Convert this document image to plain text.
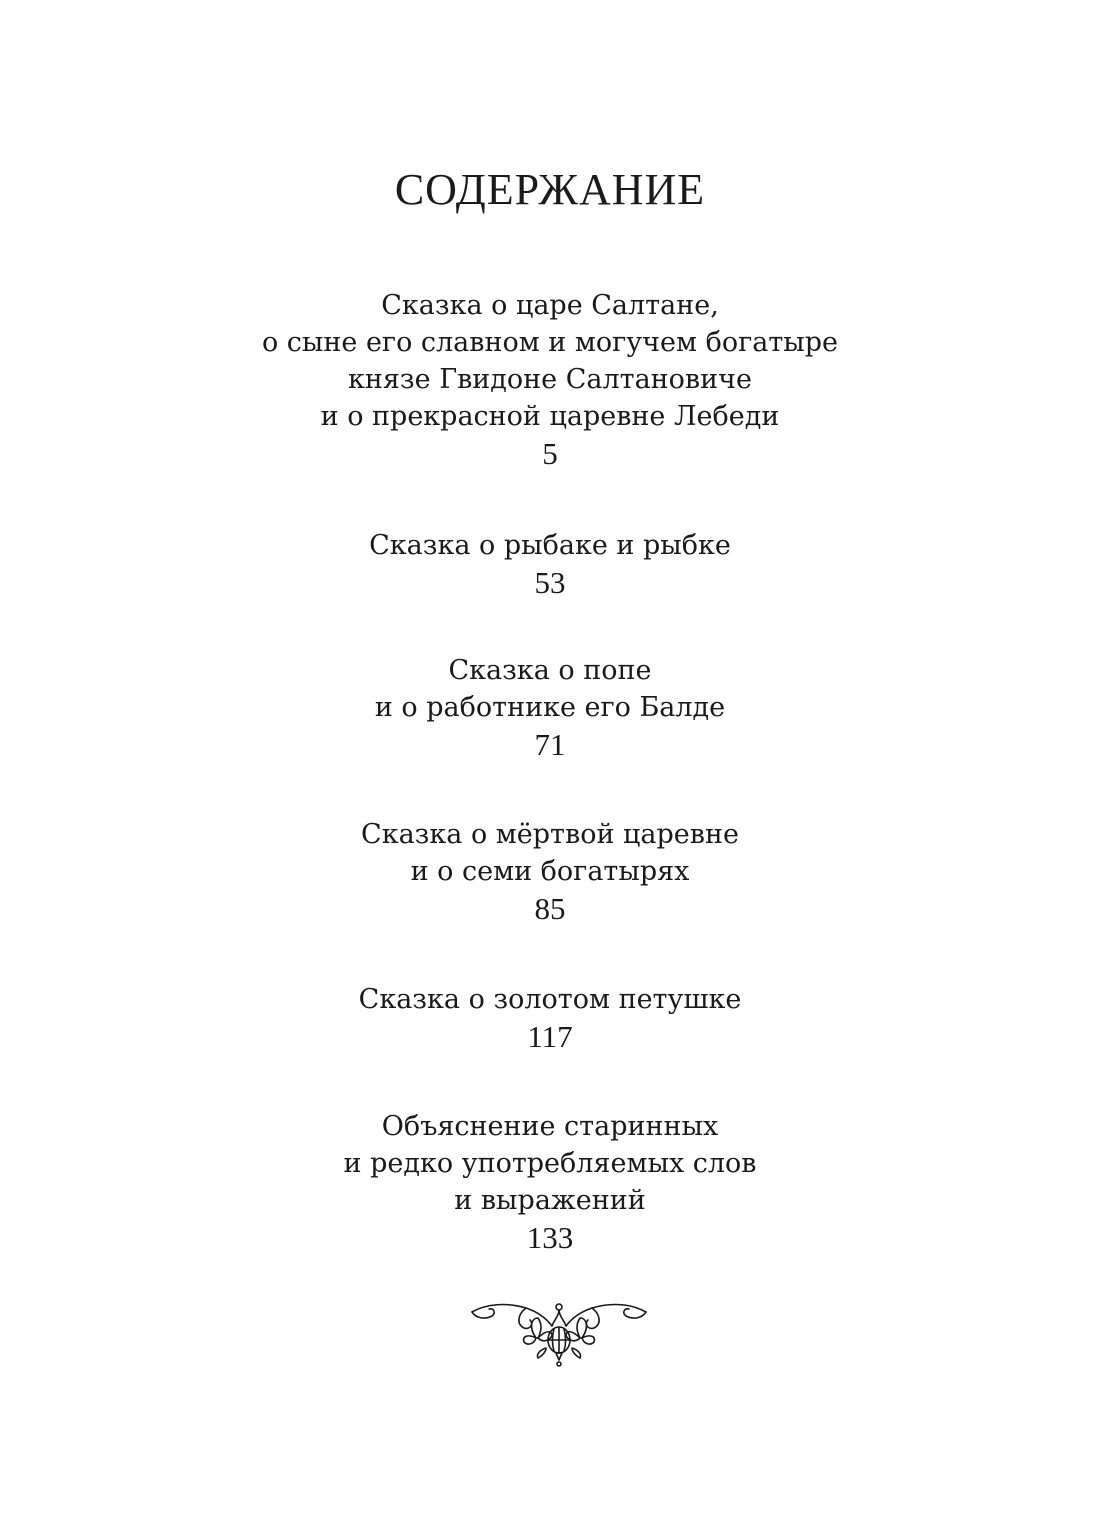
СОДЕРЖАНИЕ
Сказка о царе Салтане,
о сыне его славном и могучем богатыре
князе Гвидоне Салтановиче
и о прекрасной царевне Лебеди
5
Сказка о рыбаке и рыбке
53
Сказка о попе
и о работнике его Балде
71
Сказка о мёртвой царевне
и о семи богатырях
85
Сказка о золотом петушке
117
Объяснение старинных
и редко употребляемых слов
и выражений
133
